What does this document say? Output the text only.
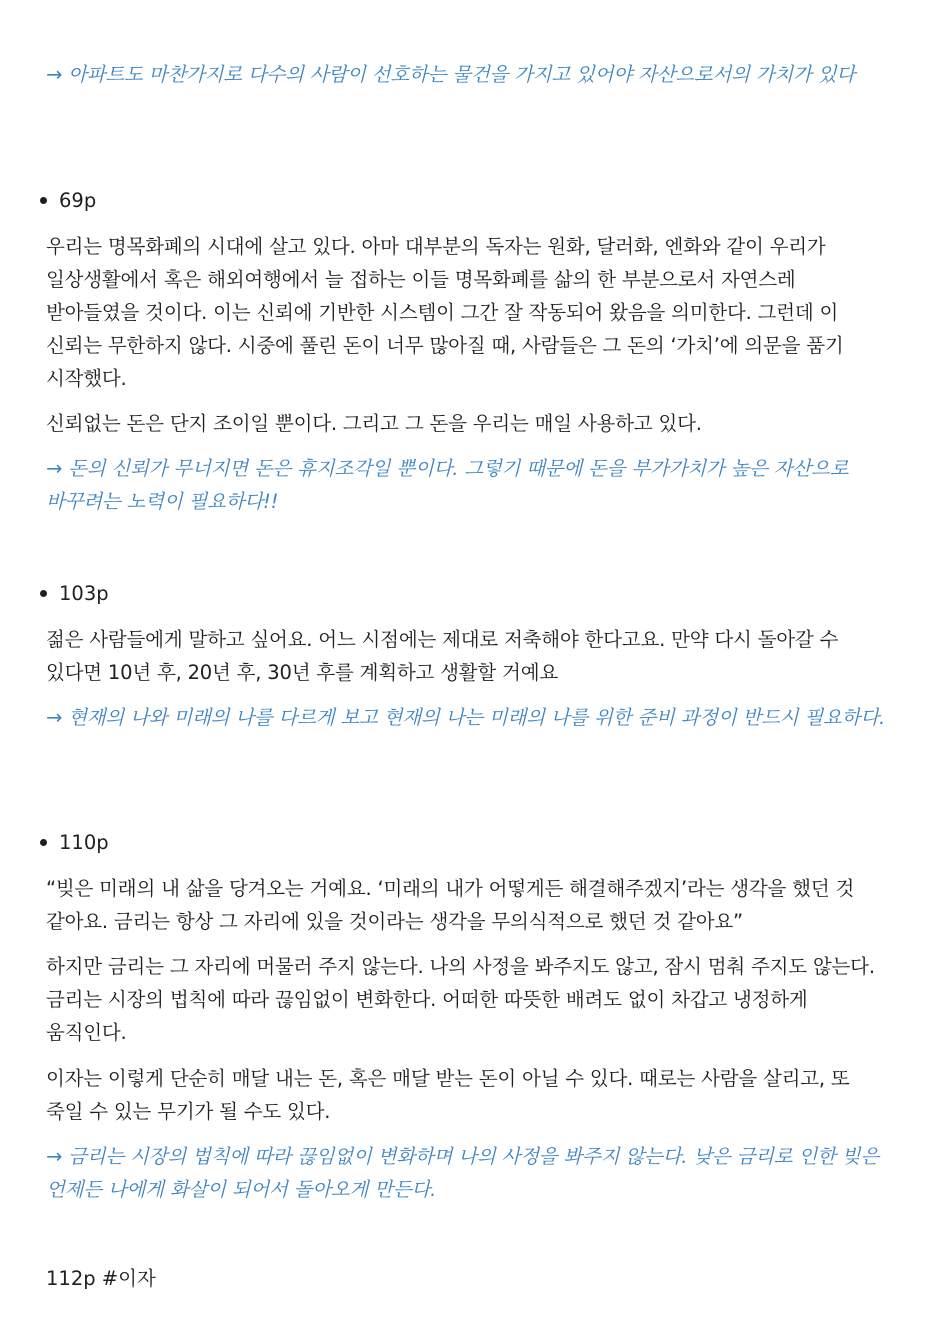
→ 아파트도 마찬가지로 다수의 사람이 선호하는 물건을 가지고 있어야 자산으로서의 가치가 있다

69p

우리는 명목화폐의 시대에 살고 있다. 아마 대부분의 독자는 원화, 달러화, 엔화와 같이 우리가 일상생활에서 혹은 해외여행에서 늘 접하는 이들 명목화폐를 삶의 한 부분으로서 자연스레 받아들였을 것이다. 이는 신뢰에 기반한 시스템이 그간 잘 작동되어 왔음을 의미한다. 그런데 이 신뢰는 무한하지 않다. 시중에 풀린 돈이 너무 많아질 때, 사람들은 그 돈의 ‘가치’에 의문을 품기 시작했다.

신뢰없는 돈은 단지 조이일 뿐이다. 그리고 그 돈을 우리는 매일 사용하고 있다.

→ 돈의 신뢰가 무너지면 돈은 휴지조각일 뿐이다. 그렇기 때문에 돈을 부가가치가 높은 자산으로 바꾸려는 노력이 필요하다!!

103p

젊은 사람들에게 말하고 싶어요. 어느 시점에는 제대로 저축해야 한다고요. 만약 다시 돌아갈 수 있다면 10년 후, 20년 후, 30년 후를 계획하고 생활할 거예요

→ 현재의 나와 미래의 나를 다르게 보고 현재의 나는 미래의 나를 위한 준비 과정이 반드시 필요하다.

110p

“빚은 미래의 내 삶을 당겨오는 거예요. ‘미래의 내가 어떻게든 해결해주겠지’라는 생각을 했던 것 같아요. 금리는 항상 그 자리에 있을 것이라는 생각을 무의식적으로 했던 것 같아요”

하지만 금리는 그 자리에 머물러 주지 않는다. 나의 사정을 봐주지도 않고, 잠시 멈춰 주지도 않는다. 금리는 시장의 법칙에 따라 끊임없이 변화한다. 어떠한 따뜻한 배려도 없이 차갑고 냉정하게 움직인다.

이자는 이렇게 단순히 매달 내는 돈, 혹은 매달 받는 돈이 아닐 수 있다. 때로는 사람을 살리고, 또 죽일 수 있는 무기가 될 수도 있다.

→ 금리는 시장의 법칙에 따라 끊임없이 변화하며 나의 사정을 봐주지 않는다. 낮은 금리로 인한 빚은 언제든 나에게 화살이 되어서 돌아오게 만든다.

112p #이자
